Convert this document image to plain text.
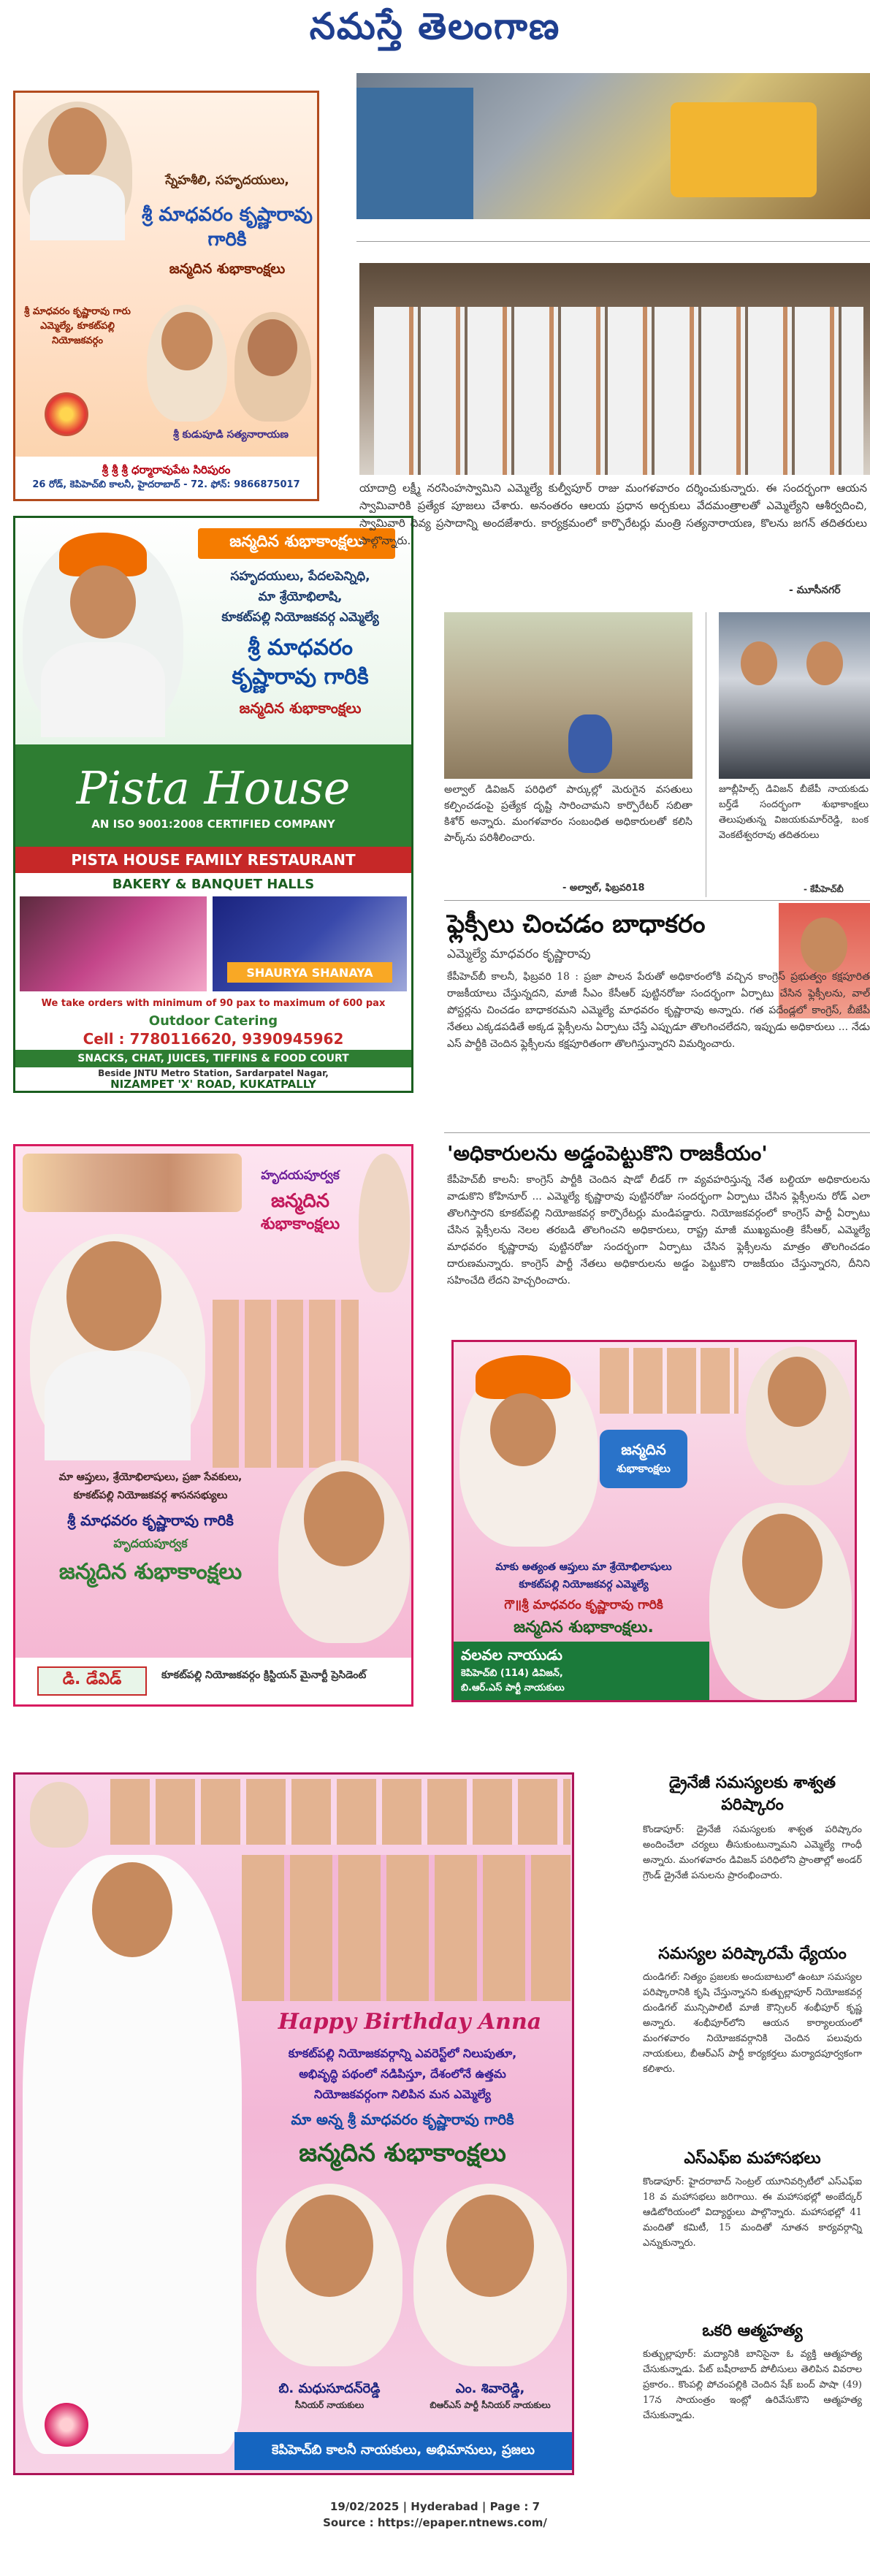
నమస్తే తెలంగాణ
స్నేహశీలి, సహృదయులు,
శ్రీ మాధవరం కృష్ణారావు గారికి
జన్మదిన శుభాకాంక్షలు
శ్రీ మాధవరం కృష్ణారావు గారు ఎమ్మెల్యే, కూకట్‌పల్లి నియోజకవర్గం
శ్రీ కుడుపూడి సత్యనారాయణ
శ్రీ శ్రీ శ్రీ ధర్మారావు‌పేట సిరిపురం
26 రోడ్, కెపిహెచ్‌బి కాలనీ, హైదరాబాద్ - 72. ఫోన్: 9866875017
జన్మదిన శుభాకాంక్షలు
సహృదయులు, పేదలపెన్నిధి,
మా శ్రేయోభిలాషి,
కూకట్‌పల్లి నియోజకవర్గ ఎమ్మెల్యే
శ్రీ మాధవరం
కృష్ణారావు గారికి
జన్మదిన శుభాకాంక్షలు
Pista House
AN ISO 9001:2008 CERTIFIED COMPANY
PISTA HOUSE FAMILY RESTAURANT
BAKERY & BANQUET HALLS
SHAURYA SHANAYA
We take orders with minimum of 90 pax to maximum of 600 pax
Outdoor Catering
Cell : 7780116620, 9390945962
SNACKS, CHAT, JUICES, TIFFINS & FOOD COURT
Beside JNTU Metro Station, Sardarpatel Nagar,
NIZAMPET 'X' ROAD, KUKATPALLY
హృదయపూర్వక
జన్మదిన
శుభాకాంక్షలు
మా ఆప్తులు, శ్రేయోభిలాషులు, ప్రజా సేవకులు,
కూకట్‌పల్లి నియోజకవర్గ శాసనసభ్యులు
శ్రీ మాధవరం కృష్ణారావు గారికి
హృదయపూర్వక
జన్మదిన శుభాకాంక్షలు
డి. డేవిడ్	కూకట్‌పల్లి నియోజకవర్గం క్రిస్టియన్ మైనార్టీ ప్రెసిడెంట్
Happy Birthday Anna
కూకట్‌పల్లి నియోజకవర్గాన్ని ఎవరెస్ట్‌లో నిలుపుతూ,
అభివృద్ధి పథంలో నడిపిస్తూ, దేశంలోనే ఉత్తమ
నియోజకవర్గంగా నిలిపిన మన ఎమ్మెల్యే
మా అన్న శ్రీ మాధవరం కృష్ణారావు గారికి
జన్మదిన శుభాకాంక్షలు
బి. మధుసూదన్‌రెడ్డి
సీనియర్ నాయకులు
ఎం. శివారెడ్డి,
బిఆర్‌ఎస్ పార్టీ సీనియర్ నాయకులు
కెపిహెచ్‌బి కాలనీ నాయకులు, అభిమానులు, ప్రజలు
యాదాద్రి లక్ష్మీ నరసింహస్వామిని ఎమ్మెల్యే కుల్వీపూర్ రాజు మంగళవారం దర్శించుకున్నారు. ఈ సందర్భంగా ఆయన స్వామివారికి ప్రత్యేక పూజలు చేశారు. అనంతరం ఆలయ ప్రధాన అర్చకులు వేదమంత్రాలతో ఎమ్మెల్యేని ఆశీర్వదించి, స్వామివారి దివ్య ప్రసాదాన్ని అందజేశారు. కార్యక్రమంలో కార్పొరేటర్లు మంత్రి సత్యనారాయణ, కొలను జగన్ తదితరులు పాల్గొన్నారు.
- మూసీనగర్
అల్వాల్ డివిజన్ పరిధిలో పార్కుల్లో మెరుగైన వసతులు కల్పించడంపై ప్రత్యేక దృష్టి సారించామని కార్పొరేటర్ సబితా కిశోర్ అన్నారు. మంగళవారం సంబంధిత అధికారులతో కలిసి పార్క్‌ను పరిశీలించారు.
- అల్వాల్, ఫిబ్రవరి18
జూబ్లీహిల్స్ డివిజన్ బీజేపీ నాయకుడు బర్త్‌డే సందర్భంగా శుభాకాంక్షలు తెలుపుతున్న విజయకుమార్‌రెడ్డి, బంక వెంకటేశ్వరరావు తదితరులు
- కేపీహెచ్‌బీ
ఫ్లెక్సీలు చించడం బాధాకరం
ఎమ్మెల్యే మాధవరం కృష్ణారావు
కేపీహెచ్‌బీ కాలనీ, ఫిబ్రవరి 18 : ప్రజా పాలన పేరుతో అధికారంలోకి వచ్చిన కాంగ్రెస్ ప్రభుత్వం కక్షపూరిత రాజకీయాలు చేస్తున్నదని, మాజీ సీఎం కేసీఆర్ పుట్టినరోజు సందర్భంగా ఏర్పాటు చేసిన ఫ్లెక్సీలను, వాల్ పోస్టర్లను చించడం బాధాకరమని ఎమ్మెల్యే మాధవరం కృష్ణారావు అన్నారు. గత పదేండ్లలో కాంగ్రెస్, బీజేపీ నేతలు ఎక్కడపడితే అక్కడ ఫ్లెక్సీలను ఏర్పాటు చేస్తే ఎప్పుడూ తొలగించలేదని, ఇప్పుడు అధికారులు ... నేడు ఎస్ పార్టీకి చెందిన ఫ్లెక్సీలను కక్షపూరితంగా తొలగిస్తున్నారని విమర్శించారు.
'అధికారులను అడ్డంపెట్టుకొని రాజకీయం'
కేపీహెచ్‌బీ కాలనీ: కాంగ్రెస్ పార్టీకి చెందిన షాడో లీడర్ గా వ్యవహరిస్తున్న నేత బల్దియా అధికారులను వాడుకొని కోహినూర్ ... ఎమ్మెల్యే కృష్ణారావు పుట్టినరోజు సందర్భంగా ఏర్పాటు చేసిన ఫ్లెక్సీలను రోడ్ ఎలా తొలగిస్తారని కూకట్‌పల్లి నియోజకవర్గ కార్పొరేటర్లు మండిపడ్డారు. నియోజకవర్గంలో కాంగ్రెస్ పార్టీ ఏర్పాటు చేసిన ఫ్లెక్సీలను నెలల తరబడి తొలగించని అధికారులు, రాష్ట్ర మాజీ ముఖ్యమంత్రి కేసీఆర్, ఎమ్మెల్యే మాధవరం కృష్ణారావు పుట్టినరోజు సందర్భంగా ఏర్పాటు చేసిన ఫ్లెక్సీలను మాత్రం తొలగించడం దారుణమన్నారు. కాంగ్రెస్ పార్టీ నేతలు అధికారులను అడ్డం పెట్టుకొని రాజకీయం చేస్తున్నారని, దీనిని సహించేది లేదని హెచ్చరించారు.
జన్మదిన
శుభాకాంక్షలు
మాకు అత్యంత ఆప్తులు మా శ్రేయోభిలాషులు
కూకట్‌పల్లి నియోజకవర్గ ఎమ్మెల్యే
గౌ॥శ్రీ మాధవరం కృష్ణారావు గారికి
జన్మదిన శుభాకాంక్షలు.
వలవల నాయుడు
కెపిహెచ్‌బి (114) డివిజన్,
బి.ఆర్.ఎస్ పార్టీ నాయకులు
డ్రైనేజీ సమస్యలకు శాశ్వత పరిష్కారం
కొండాపూర్: డ్రైనేజీ సమస్యలకు శాశ్వత పరిష్కారం అందించేలా చర్యలు తీసుకుంటున్నామని ఎమ్మెల్యే గాంధీ అన్నారు. మంగళవారం డివిజన్ పరిధిలోని ప్రాంతాల్లో అండర్ గ్రౌండ్ డ్రైనేజీ పనులను ప్రారంభించారు.
సమస్యల పరిష్కారమే ధ్యేయం
దుండిగల్: నిత్యం ప్రజలకు అందుబాటులో ఉంటూ సమస్యల పరిష్కారానికి కృషి చేస్తున్నానని కుత్బుల్లాపూర్ నియోజకవర్గ దుండిగల్ మున్సిపాలిటీ మాజీ కౌన్సిలర్ శంభీపూర్ కృష్ణ అన్నారు. శంభీపూర్‌లోని ఆయన కార్యాలయంలో మంగళవారం నియోజకవర్గానికి చెందిన పలువురు నాయకులు, బీఆర్‌ఎస్ పార్టీ కార్యకర్తలు మర్యాదపూర్వకంగా కలిశారు.
ఎస్‌ఎఫ్‌ఐ మహాసభలు
కొండాపూర్: హైదరాబాద్ సెంట్రల్ యూనివర్సిటీలో ఎస్‌ఎఫ్‌ఐ 18 వ మహాసభలు జరిగాయి. ఈ మహాసభల్లో అంబేద్కర్ ఆడిటోరియంలో విద్యార్థులు పాల్గొన్నారు. మహాసభల్లో 41 మందితో కమిటీ, 15 మందితో నూతన కార్యవర్గాన్ని ఎన్నుకున్నారు.
ఒకరి ఆత్మహత్య
కుత్బుల్లాపూర్: మద్యానికి బానిసైనా ఓ వ్యక్తి ఆత్మహత్య చేసుకున్నాడు. పేట్ బషీరాబాద్ పోలీసులు తెలిపిన వివరాల ప్రకారం.. కొంపల్లి పోచంపల్లికి చెందిన షేక్ బంద్ పాషా (49) 17న సాయంత్రం ఇంట్లో ఉరివేసుకొని ఆత్మహత్య చేసుకున్నాడు.
19/02/2025 | Hyderabad | Page : 7
Source : https://epaper.ntnews.com/
